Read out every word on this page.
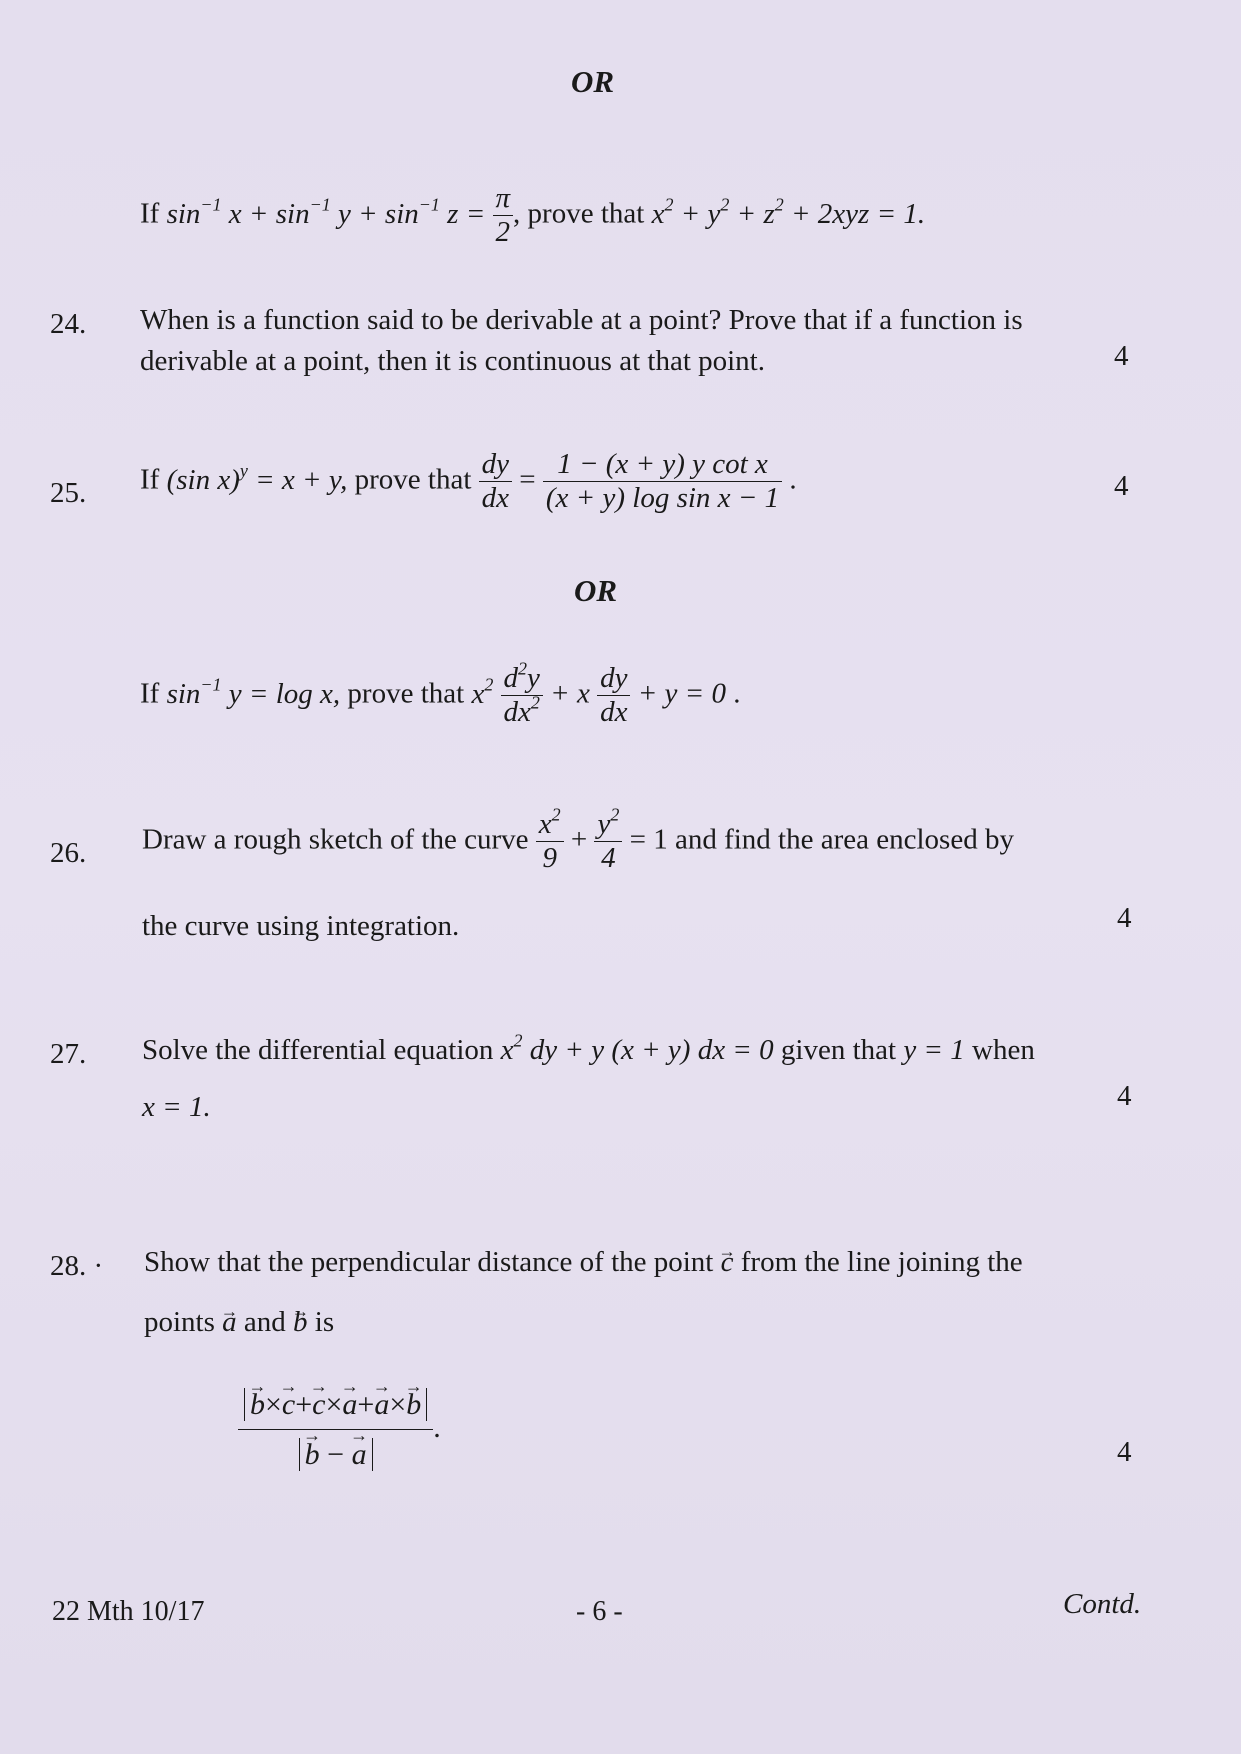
OR
If $\sin^{-1} x + \sin^{-1} y + \sin^{-1} z = \frac{\pi}{2}$ , prove that $x^2 + y^2 + z^2 + 2xyz = 1$.
24. When is a function said to be derivable at a point? Prove that if a function is
derivable at a point, then it is continuous at that point.	4
25. If (sin x)$^y$ = x + y, prove that $\frac{dy}{dx} = \frac{\text{1 − (x + y) y cot x}}{\text{(x + y) log sin x − 1}}$ .	4
OR
If $\sin^{-1} y = \log x$, prove that $x^2 \frac{d^2y}{dx^2} + x \frac{dy}{dx} + y = 0$ .
26. Draw a rough sketch of the curve $\frac{x^2}{9} + \frac{y^2}{4} = 1$ and find the area enclosed by
the curve using integration.	4
27. Solve the differential equation $x^2$ dy + y (x + y) dx = 0 given that y = 1 when
x = 1.	4
28. · Show that the perpendicular distance of the point → c from the line joining the
points → a and → b is
→ b×→ c+→ c×→ a+→ a×→ b
→ b − → a .
4
22 Mth 10/17	- 6 -	Contd.
